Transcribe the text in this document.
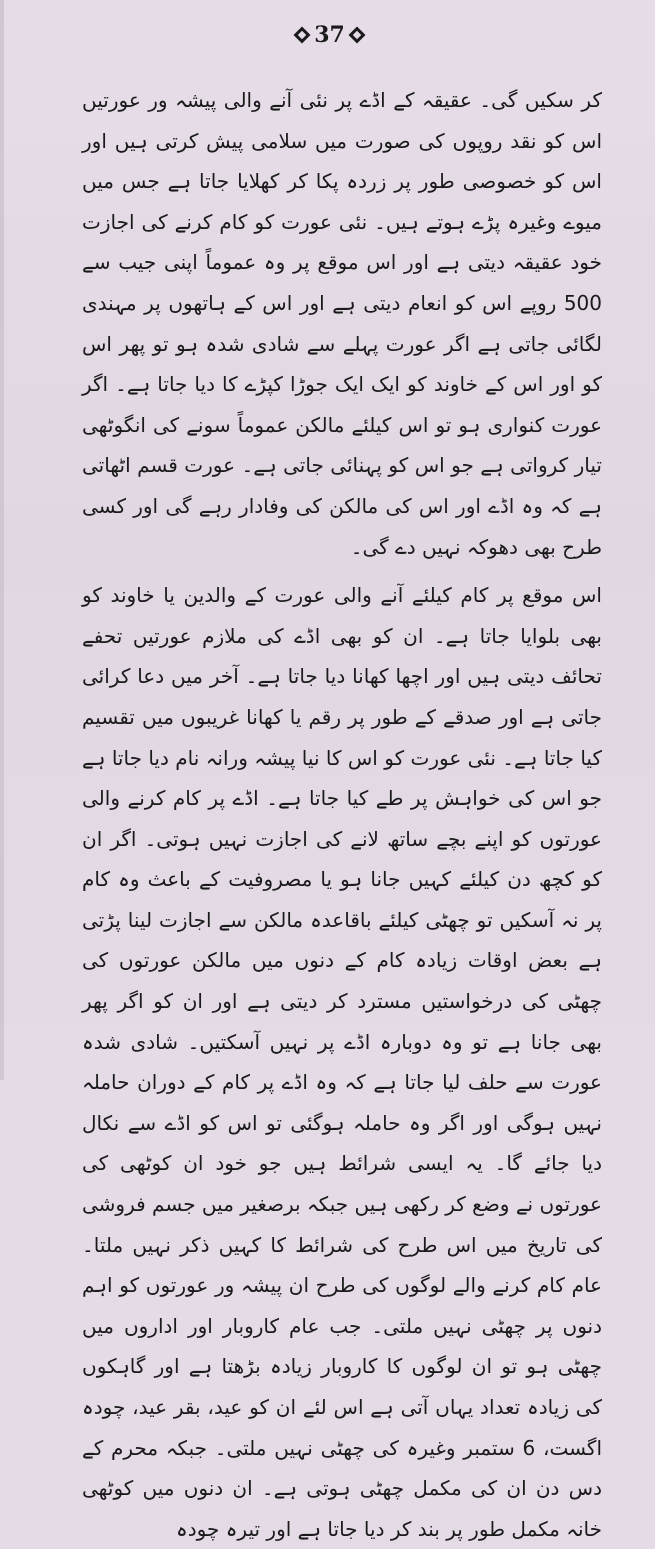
37

کر سکیں گی۔ عقیقہ کے اڈے پر نئی آنے والی پیشہ ور عورتیں اس کو نقد روپوں کی صورت میں سلامی پیش کرتی ہیں اور اس کو خصوصی طور پر زردہ پکا کر کھلایا جاتا ہے جس میں میوے وغیرہ پڑے ہوتے ہیں۔ نئی عورت کو کام کرنے کی اجازت خود عقیقہ دیتی ہے اور اس موقع پر وہ عموماً اپنی جیب سے 500 روپے اس کو انعام دیتی ہے اور اس کے ہاتھوں پر مہندی لگائی جاتی ہے اگر عورت پہلے سے شادی شدہ ہو تو پھر اس کو اور اس کے خاوند کو ایک ایک جوڑا کپڑے کا دیا جاتا ہے۔ اگر عورت کنواری ہو تو اس کیلئے مالکن عموماً سونے کی انگوٹھی تیار کرواتی ہے جو اس کو پہنائی جاتی ہے۔ عورت قسم اٹھاتی ہے کہ وہ اڈے اور اس کی مالکن کی وفادار رہے گی اور کسی طرح بھی دھوکہ نہیں دے گی۔

اس موقع پر کام کیلئے آنے والی عورت کے والدین یا خاوند کو بھی بلوایا جاتا ہے۔ ان کو بھی اڈے کی ملازم عورتیں تحفے تحائف دیتی ہیں اور اچھا کھانا دیا جاتا ہے۔ آخر میں دعا کرائی جاتی ہے اور صدقے کے طور پر رقم یا کھانا غریبوں میں تقسیم کیا جاتا ہے۔ نئی عورت کو اس کا نیا پیشہ ورانہ نام دیا جاتا ہے جو اس کی خواہش پر طے کیا جاتا ہے۔ اڈے پر کام کرنے والی عورتوں کو اپنے بچے ساتھ لانے کی اجازت نہیں ہوتی۔ اگر ان کو کچھ دن کیلئے کہیں جانا ہو یا مصروفیت کے باعث وہ کام پر نہ آسکیں تو چھٹی کیلئے باقاعدہ مالکن سے اجازت لینا پڑتی ہے بعض اوقات زیادہ کام کے دنوں میں مالکن عورتوں کی چھٹی کی درخواستیں مسترد کر دیتی ہے اور ان کو اگر پھر بھی جانا ہے تو وہ دوبارہ اڈے پر نہیں آسکتیں۔ شادی شدہ عورت سے حلف لیا جاتا ہے کہ وہ اڈے پر کام کے دوران حاملہ نہیں ہوگی اور اگر وہ حاملہ ہوگئی تو اس کو اڈے سے نکال دیا جائے گا۔ یہ ایسی شرائط ہیں جو خود ان کوٹھی کی عورتوں نے وضع کر رکھی ہیں جبکہ برصغیر میں جسم فروشی کی تاریخ میں اس طرح کی شرائط کا کہیں ذکر نہیں ملتا۔ عام کام کرنے والے لوگوں کی طرح ان پیشہ ور عورتوں کو اہم دنوں پر چھٹی نہیں ملتی۔ جب عام کاروبار اور اداروں میں چھٹی ہو تو ان لوگوں کا کاروبار زیادہ بڑھتا ہے اور گاہکوں کی زیادہ تعداد یہاں آتی ہے اس لئے ان کو عید، بقر عید، چودہ اگست، 6 ستمبر وغیرہ کی چھٹی نہیں ملتی۔ جبکہ محرم کے دس دن ان کی مکمل چھٹی ہوتی ہے۔ ان دنوں میں کوٹھی خانہ مکمل طور پر بند کر دیا جاتا ہے اور تیرہ چودہ
